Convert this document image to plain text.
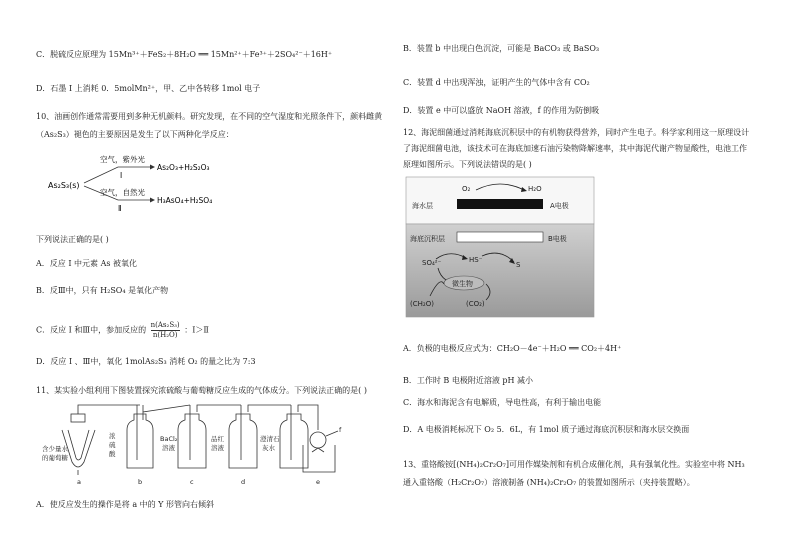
C．脱硫反应原理为 15Mn³⁺＋FeS₂＋8H₂O ══ 15Mn²⁺＋Fe³⁺＋2SO₄²⁻＋16H⁺
D．石墨 I 上消耗 0．5molMn²⁺，甲、乙中各转移 1mol 电子
10、油画创作通常需要用到多种无机颜料。研究发现，在不同的空气湿度和光照条件下，颜料雌黄
（As₂S₃）褪色的主要原因是发生了以下两种化学反应：
As₂S₃(s)
空气，紫外光
I
As₂O₃+H₂S₂O₃
空气，自然光
Ⅱ
H₃AsO₄+H₂SO₄
下列说法正确的是( )
A．反应 I 中元素 As 被氧化
B．反Ⅲ中，只有 H₂SO₄ 是氧化产物
C．反应 I 和Ⅲ中，参加反应的 $\frac{\text{n(As₂S₃)}}{\text{n(H₂O)}}$ ：I＞Ⅱ
D．反应 I 、Ⅲ中，氧化 1molAs₂S₃ 消耗 O₂ 的量之比为 7:3
11、某实验小组利用下图装置探究浓硫酸与葡萄糖反应生成的气体成分。下列说法正确的是( )
含少量水
的葡萄糖
浓
硫
酸
BaCl₂
溶液
品红
溶液
澄清石
灰水
f
a	b	c	d	e
A．使反应发生的操作是将 a 中的 Y 形管向右倾斜
B．装置 b 中出现白色沉淀，可能是 BaCO₃ 或 BaSO₃
C．装置 d 中出现浑浊，证明产生的气体中含有 CO₂
D．装置 e 中可以盛放 NaOH 溶液，f 的作用为防倒吸
12、海泥细菌通过消耗海底沉积层中的有机物获得营养，同时产生电子。科学家利用这一原理设计
了海泥细菌电池，该技术可在海底加速石油污染物降解速率，其中海泥代谢产物显酸性，电池工作
原理如图所示。下列说法错误的是( )
O₂	H₂O
海水层	A电极
海底沉积层	B电极
SO₄²⁻	HS⁻
S
(CH₂O)	(CO₂)
微生物
A．负极的电极反应式为：CH₂O－4e⁻＋H₂O ══ CO₂＋4H⁺
B．工作时 B 电极附近溶液 pH 减小
C．海水和海泥含有电解质，导电性高，有利于输出电能
D．A 电极消耗标况下 O₂ 5．6L，有 1mol 质子通过海底沉积层和海水层交换面
13、重铬酸铵[(NH₄)₂Cr₂O₇]可用作媒染剂和有机合成催化剂，具有强氧化性。实验室中将 NH₃
通入重铬酸（H₂Cr₂O₇）溶液制备 (NH₄)₂Cr₂O₇ 的装置如图所示（夹持装置略）。
